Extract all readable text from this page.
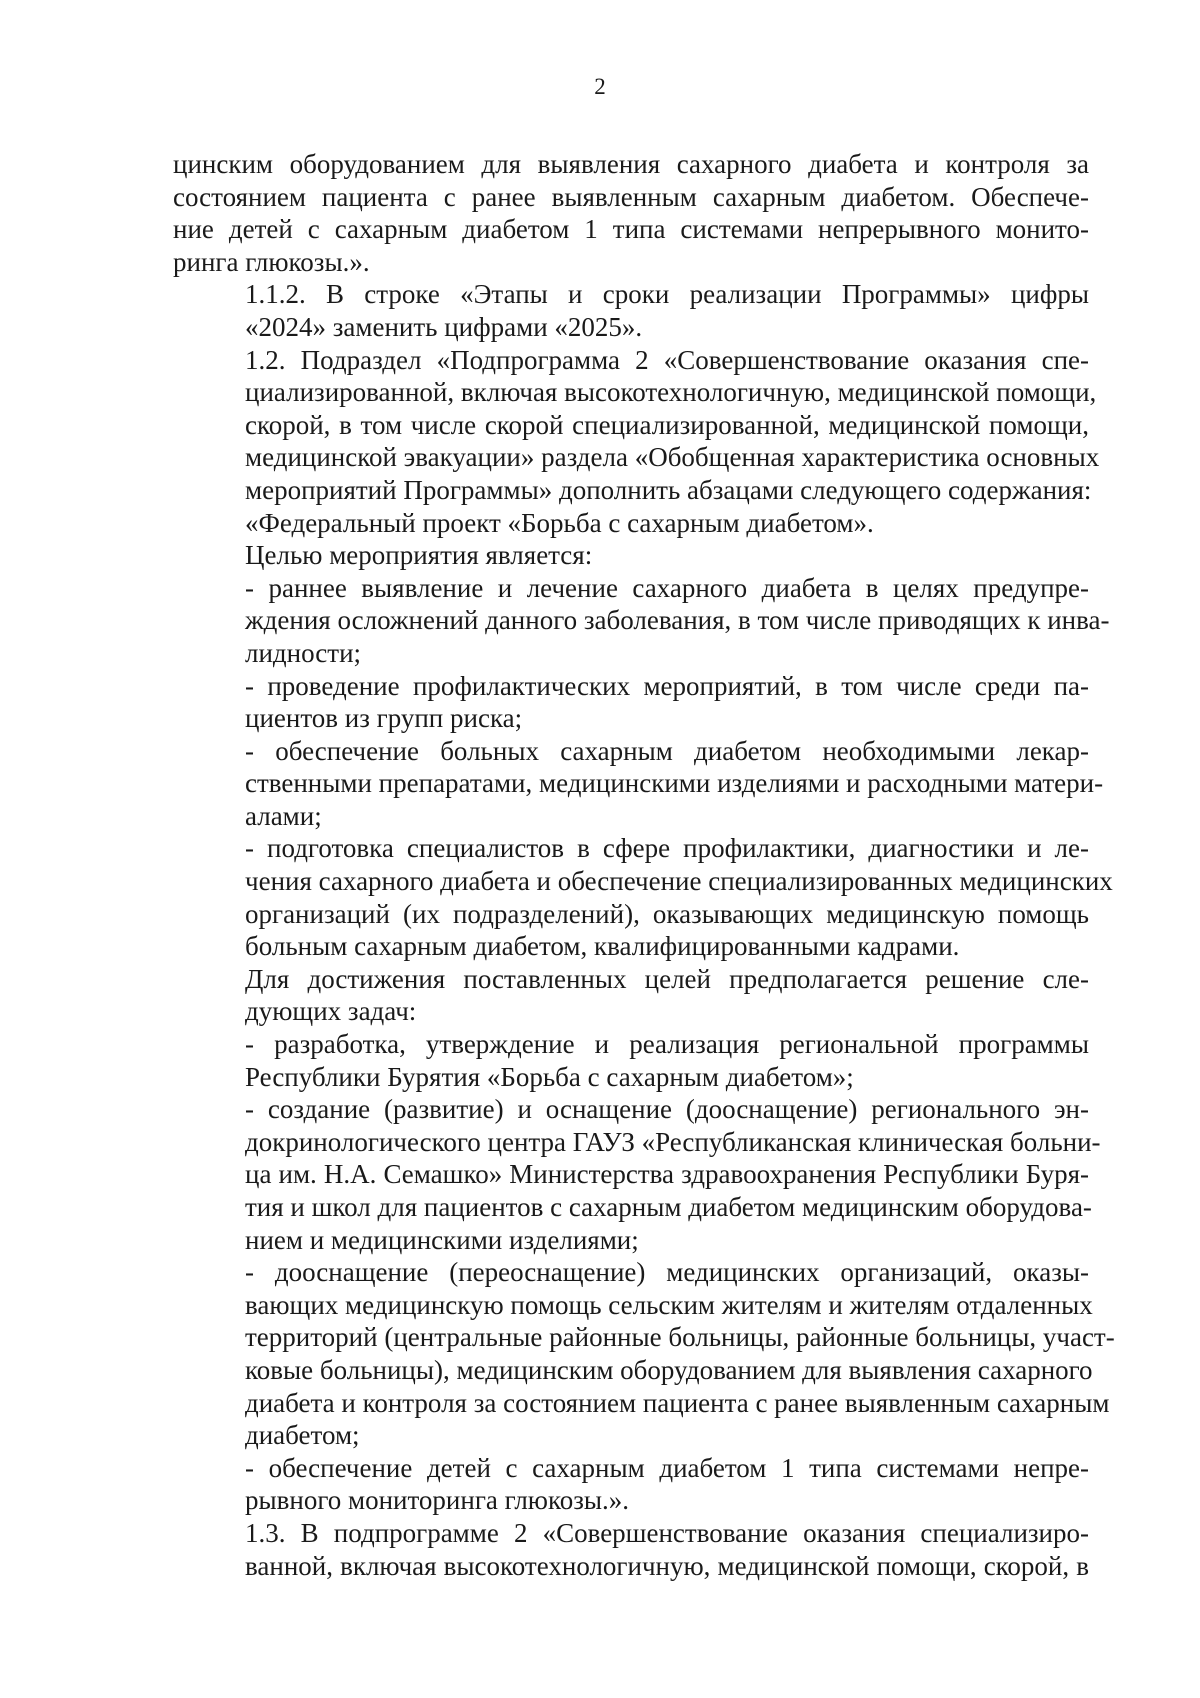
2

цинским оборудованием для выявления сахарного диабета и контроля за
состоянием пациента с ранее выявленным сахарным диабетом. Обеспече-
ние детей с сахарным диабетом 1 типа системами непрерывного монито-
ринга глюкозы.».

1.1.2. В строке «Этапы и сроки реализации Программы» цифры
«2024» заменить цифрами «2025».

1.2. Подраздел «Подпрограмма 2 «Совершенствование оказания спе-
циализированной, включая высокотехнологичную, медицинской помощи,
скорой, в том числе скорой специализированной, медицинской помощи,
медицинской эвакуации» раздела «Обобщенная характеристика основных
мероприятий Программы» дополнить абзацами следующего содержания:

«Федеральный проект «Борьба с сахарным диабетом».

Целью мероприятия является:

- раннее выявление и лечение сахарного диабета в целях предупре-
ждения осложнений данного заболевания, в том числе приводящих к инва-
лидности;

- проведение профилактических мероприятий, в том числе среди па-
циентов из групп риска;

- обеспечение больных сахарным диабетом необходимыми лекар-
ственными препаратами, медицинскими изделиями и расходными матери-
алами;

- подготовка специалистов в сфере профилактики, диагностики и ле-
чения сахарного диабета и обеспечение специализированных медицинских
организаций (их подразделений), оказывающих медицинскую помощь
больным сахарным диабетом, квалифицированными кадрами.

Для достижения поставленных целей предполагается решение сле-
дующих задач:

- разработка, утверждение и реализация региональной программы
Республики Бурятия «Борьба с сахарным диабетом»;

- создание (развитие) и оснащение (дооснащение) регионального эн-
докринологического центра ГАУЗ «Республиканская клиническая больни-
ца им. Н.А. Семашко» Министерства здравоохранения Республики Буря-
тия и школ для пациентов с сахарным диабетом медицинским оборудова-
нием и медицинскими изделиями;

- дооснащение (переоснащение) медицинских организаций, оказы-
вающих медицинскую помощь сельским жителям и жителям отдаленных
территорий (центральные районные больницы, районные больницы, участ-
ковые больницы), медицинским оборудованием для выявления сахарного
диабета и контроля за состоянием пациента с ранее выявленным сахарным
диабетом;

- обеспечение детей с сахарным диабетом 1 типа системами непре-
рывного мониторинга глюкозы.».

1.3. В подпрограмме 2 «Совершенствование оказания специализиро-
ванной, включая высокотехнологичную, медицинской помощи, скорой, в
